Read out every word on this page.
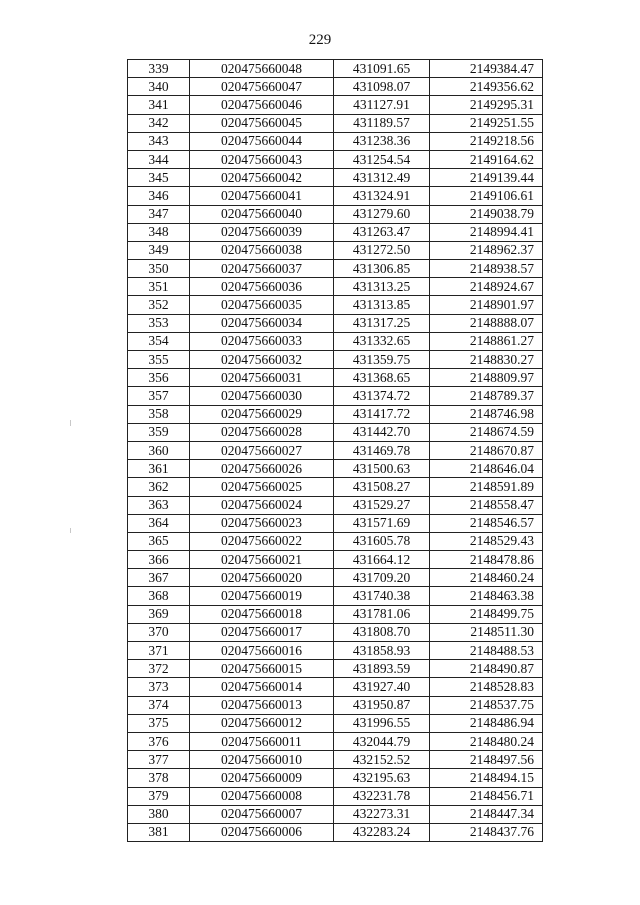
229
339	020475660048	431091.65	2149384.47
340	020475660047	431098.07	2149356.62
341	020475660046	431127.91	2149295.31
342	020475660045	431189.57	2149251.55
343	020475660044	431238.36	2149218.56
344	020475660043	431254.54	2149164.62
345	020475660042	431312.49	2149139.44
346	020475660041	431324.91	2149106.61
347	020475660040	431279.60	2149038.79
348	020475660039	431263.47	2148994.41
349	020475660038	431272.50	2148962.37
350	020475660037	431306.85	2148938.57
351	020475660036	431313.25	2148924.67
352	020475660035	431313.85	2148901.97
353	020475660034	431317.25	2148888.07
354	020475660033	431332.65	2148861.27
355	020475660032	431359.75	2148830.27
356	020475660031	431368.65	2148809.97
357	020475660030	431374.72	2148789.37
358	020475660029	431417.72	2148746.98
359	020475660028	431442.70	2148674.59
360	020475660027	431469.78	2148670.87
361	020475660026	431500.63	2148646.04
362	020475660025	431508.27	2148591.89
363	020475660024	431529.27	2148558.47
364	020475660023	431571.69	2148546.57
365	020475660022	431605.78	2148529.43
366	020475660021	431664.12	2148478.86
367	020475660020	431709.20	2148460.24
368	020475660019	431740.38	2148463.38
369	020475660018	431781.06	2148499.75
370	020475660017	431808.70	2148511.30
371	020475660016	431858.93	2148488.53
372	020475660015	431893.59	2148490.87
373	020475660014	431927.40	2148528.83
374	020475660013	431950.87	2148537.75
375	020475660012	431996.55	2148486.94
376	020475660011	432044.79	2148480.24
377	020475660010	432152.52	2148497.56
378	020475660009	432195.63	2148494.15
379	020475660008	432231.78	2148456.71
380	020475660007	432273.31	2148447.34
381	020475660006	432283.24	2148437.76
